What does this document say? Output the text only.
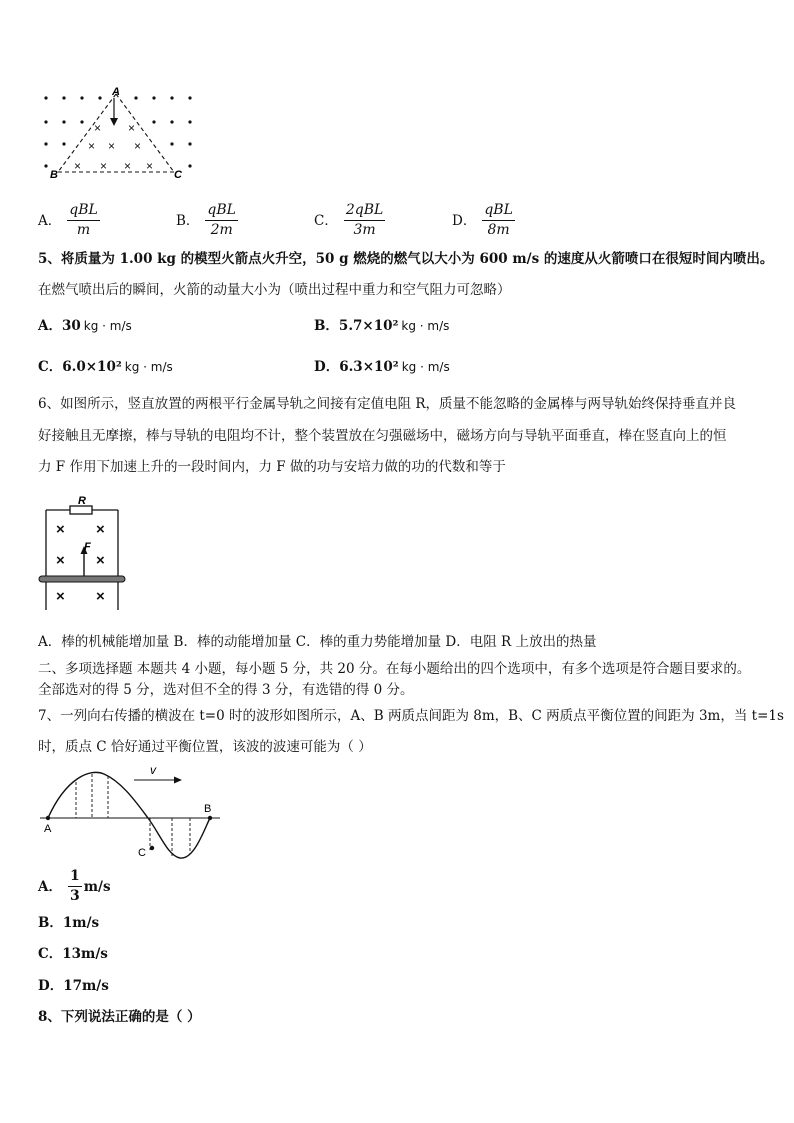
× ×
× × ×
× × × ×
A
B	C
A． $\frac{\text{qBL}}{m}$	B． $\frac{\text{qBL}}{2m}$	C． $\frac{\text{2qBL}}{3m}$	D． $\frac{\text{qBL}}{8m}$
5、将质量为 1.00 kg 的模型火箭点火升空，50 g 燃烧的燃气以大小为 600 m/s 的速度从火箭喷口在很短时间内喷出。
在燃气喷出后的瞬间，火箭的动量大小为（喷出过程中重力和空气阻力可忽略）
A．30 kg · m/s	B．5.7×10² kg · m/s
C．6.0×10² kg · m/s	D．6.3×10² kg · m/s
6、如图所示，竖直放置的两根平行金属导轨之间接有定值电阻 R，质量不能忽略的金属棒与两导轨始终保持垂直并良
好接触且无摩擦，棒与导轨的电阻均不计，整个装置放在匀强磁场中，磁场方向与导轨平面垂直，棒在竖直向上的恒
力 F 作用下加速上升的一段时间内，力 F 做的功与安培力做的功的代数和等于
× ×
× ×
× ×
R
F
A．棒的机械能增加量 B．棒的动能增加量 C．棒的重力势能增加量 D．电阻 R 上放出的热量
二、多项选择题 本题共 4 小题，每小题 5 分，共 20 分。在每小题给出的四个选项中，有多个选项是符合题目要求的。
全部选对的得 5 分，选对但不全的得 3 分，有选错的得 0 分。
7、一列向右传播的横波在 t=0 时的波形如图所示，A、B 两质点间距为 8m，B、C 两质点平衡位置的间距为 3m，当 t=1s
时，质点 C 恰好通过平衡位置，该波的波速可能为（ ）
v
A
B
C
A． $\frac{1}{3} m/s$
B．1m/s
C．13m/s
D．17m/s
8、下列说法正确的是（ ）
